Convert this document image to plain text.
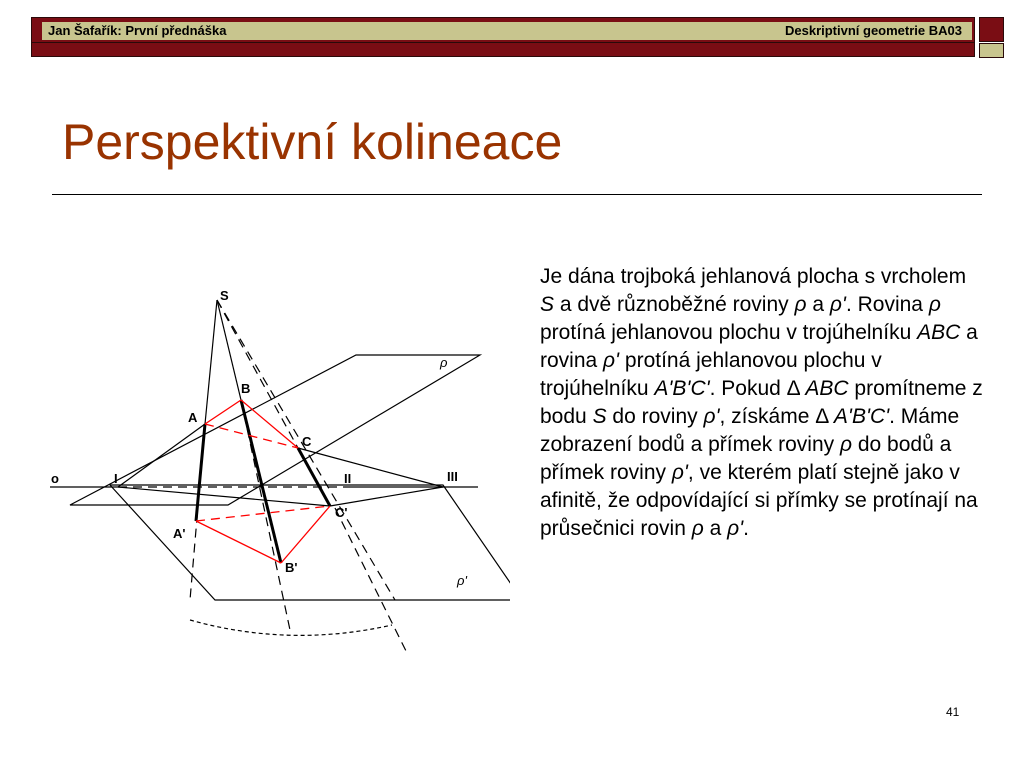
Jan Šafařík: První přednáška	Deskriptivní geometrie BA03
Perspektivní kolineace
S
A
B
C
A'
B'
C'
I	II	III
o
ρ
ρ'
Je dána trojboká jehlanová plocha s vrcholem S a dvě různoběžné roviny ρ a ρ'. Rovina ρ protíná jehlanovou plochu v trojúhelníku ABC a rovina ρ' protíná jehlanovou plochu v trojúhelníku A'B'C'. Pokud Δ ABC promítneme z bodu S do roviny ρ', získáme Δ A'B'C'. Máme zobrazení bodů a přímek roviny ρ do bodů a přímek roviny ρ', ve kterém platí stejně jako v afinitě, že odpovídající si přímky se protínají na průsečnici rovin ρ a ρ'.
41
